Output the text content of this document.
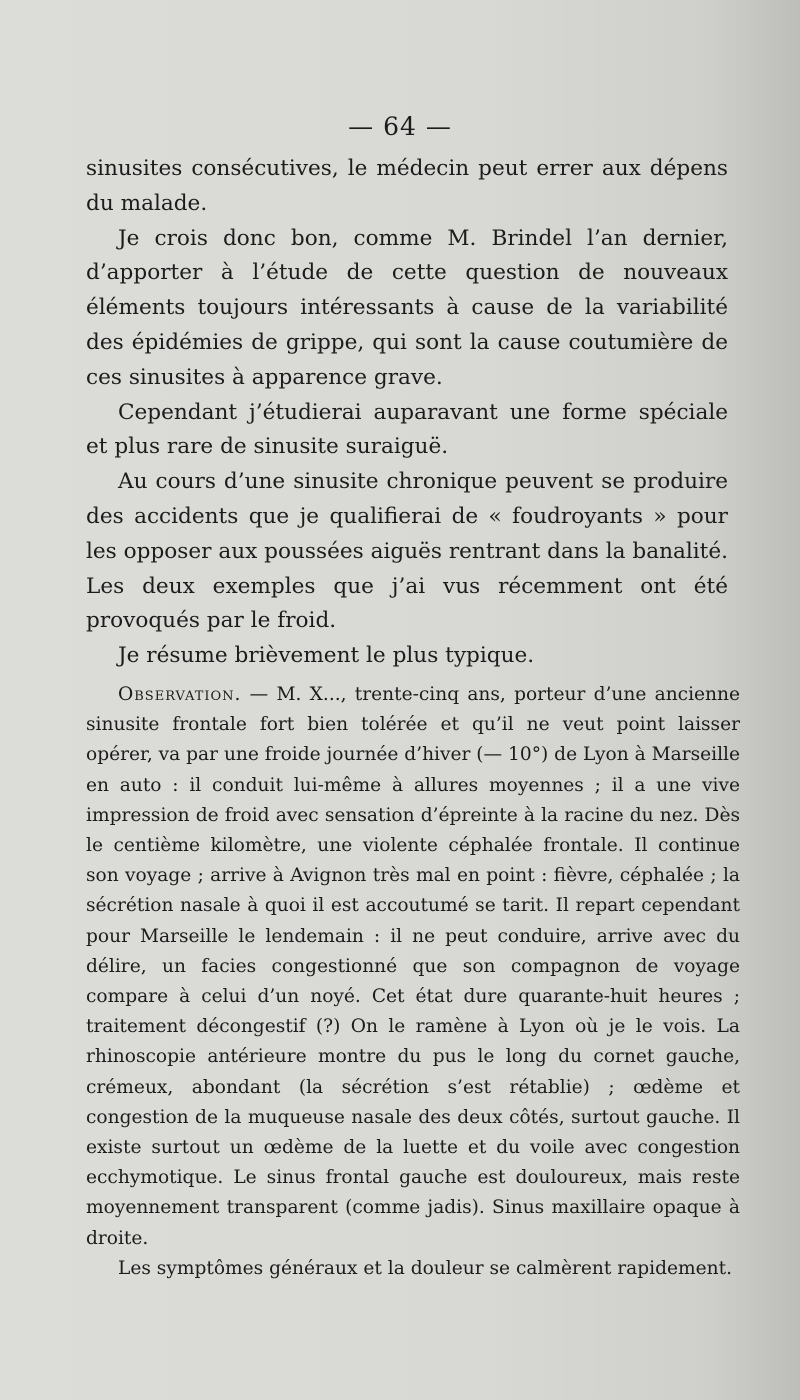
— 64 —

sinusites consécutives, le médecin peut errer aux dépens du malade.

Je crois donc bon, comme M. Brindel l’an dernier, d’apporter à l’étude de cette question de nouveaux éléments toujours intéressants à cause de la variabilité des épidémies de grippe, qui sont la cause coutumière de ces sinusites à apparence grave.

Cependant j’étudierai auparavant une forme spéciale et plus rare de sinusite suraiguë.

Au cours d’une sinusite chronique peuvent se produire des accidents que je qualifierai de « foudroyants » pour les opposer aux poussées aiguës rentrant dans la banalité. Les deux exemples que j’ai vus récemment ont été provoqués par le froid.

Je résume brièvement le plus typique.

Observation. — M. X..., trente-cinq ans, porteur d’une ancienne sinusite frontale fort bien tolérée et qu’il ne veut point laisser opérer, va par une froide journée d’hiver (— 10°) de Lyon à Marseille en auto : il conduit lui-même à allures moyennes ; il a une vive impression de froid avec sensation d’épreinte à la racine du nez. Dès le centième kilomètre, une violente céphalée frontale. Il continue son voyage ; arrive à Avignon très mal en point : fièvre, céphalée ; la sécrétion nasale à quoi il est accoutumé se tarit. Il repart cependant pour Marseille le lendemain : il ne peut conduire, arrive avec du délire, un facies congestionné que son compagnon de voyage compare à celui d’un noyé. Cet état dure quarante-huit heures ; traitement décongestif (?) On le ramène à Lyon où je le vois. La rhinoscopie antérieure montre du pus le long du cornet gauche, crémeux, abondant (la sécrétion s’est rétablie) ; œdème et congestion de la muqueuse nasale des deux côtés, surtout gauche. Il existe surtout un œdème de la luette et du voile avec congestion ecchymotique. Le sinus frontal gauche est douloureux, mais reste moyennement transparent (comme jadis). Sinus maxillaire opaque à droite.

Les symptômes généraux et la douleur se calmèrent rapidement.
